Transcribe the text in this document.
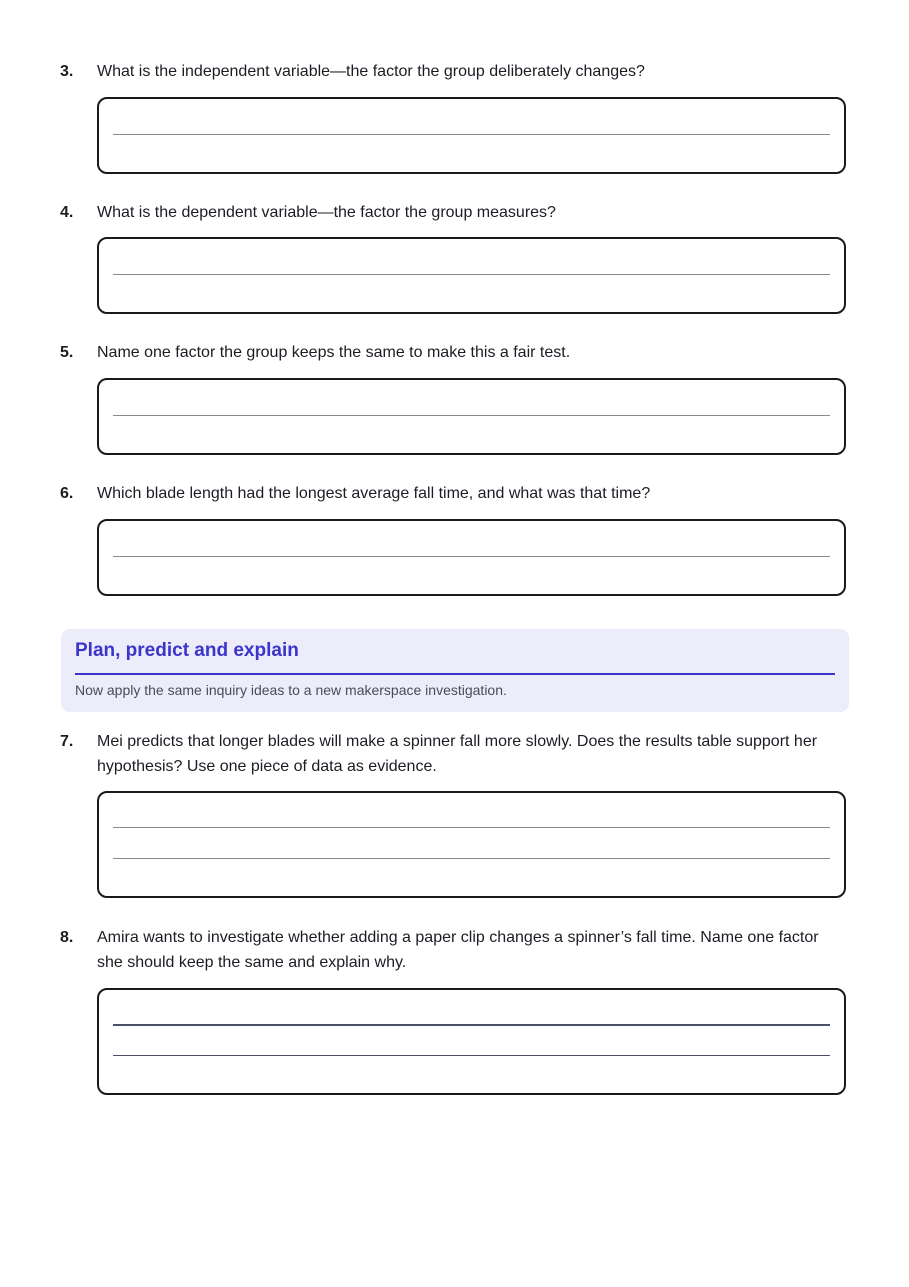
3. What is the independent variable—the factor the group deliberately changes?
4. What is the dependent variable—the factor the group measures?
5. Name one factor the group keeps the same to make this a fair test.
6. Which blade length had the longest average fall time, and what was that time?
Plan, predict and explain
Now apply the same inquiry ideas to a new makerspace investigation.
7. Mei predicts that longer blades will make a spinner fall more slowly. Does the results table support her hypothesis? Use one piece of data as evidence.
8. Amira wants to investigate whether adding a paper clip changes a spinner’s fall time. Name one factor she should keep the same and explain why.
